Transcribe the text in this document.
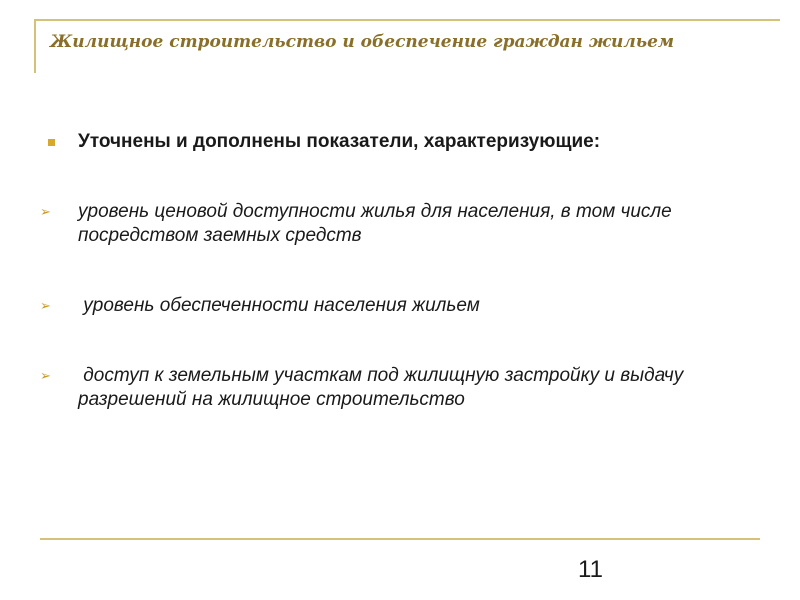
Жилищное строительство и обеспечение граждан жильем
Уточнены и дополнены показатели, характеризующие:
➢ уровень ценовой доступности жилья для населения, в том числе посредством заемных средств
➢ уровень обеспеченности населения жильем
➢ доступ к земельным участкам под жилищную застройку и выдачу разрешений на жилищное строительство
11
